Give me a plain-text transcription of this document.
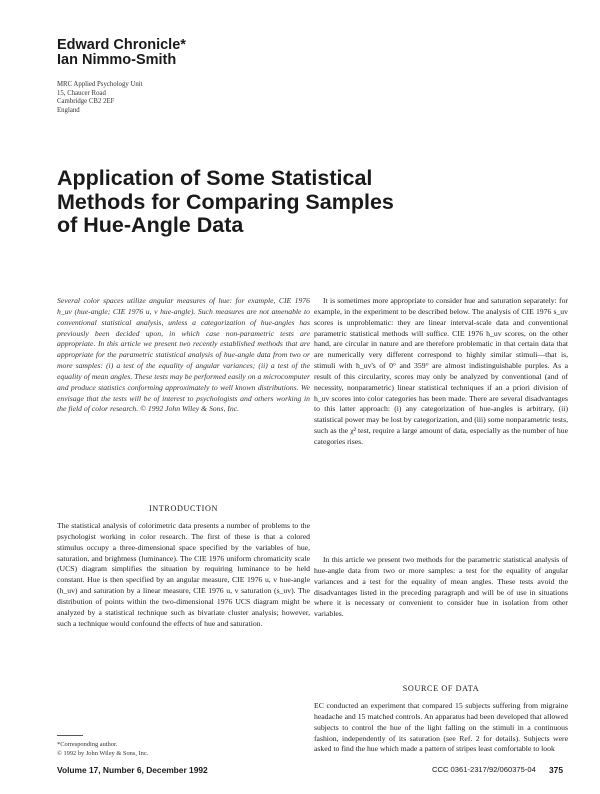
Edward Chronicle*
Ian Nimmo-Smith
MRC Applied Psychology Unit
15, Chaucer Road
Cambridge CB2 2EF
England
Application of Some Statistical
Methods for Comparing Samples
of Hue-Angle Data

Several color spaces utilize angular measures of hue: for example, CIE 1976 h_uv (hue-angle; CIE 1976 u, v hue-angle). Such measures are not amenable to conventional statistical analysis, unless a categorization of hue-angles has previously been decided upon, in which case non-parametric tests are appropriate. In this article we present two recently established methods that are appropriate for the parametric statistical analysis of hue-angle data from two or more samples: (i) a test of the equality of angular variances; (ii) a test of the equality of mean angles. These tests may be performed easily on a microcomputer and produce statistics conforming approximately to well known distributions. We envisage that the tests will be of interest to psychologists and others working in the field of color research. © 1992 John Wiley & Sons, Inc.

INTRODUCTION

The statistical analysis of colorimetric data presents a number of problems to the psychologist working in color research. The first of these is that a colored stimulus occupy a three-dimensional space specified by the variables of hue, saturation, and brightness (luminance). The CIE 1976 uniform chromaticity scale (UCS) diagram simplifies the situation by requiring luminance to be held constant. Hue is then specified by an angular measure, CIE 1976 u, v hue-angle (h_uv) and saturation by a linear measure, CIE 1976 u, v saturation (s_uv). The distribution of points within the two-dimensional 1976 UCS diagram might be analyzed by a statistical technique such as bivariate cluster analysis; however, such a technique would confound the effects of hue and saturation.

It is sometimes more appropriate to consider hue and saturation separately: for example, in the experiment to be described below. The analysis of CIE 1976 s_uv scores is unproblematic: they are linear interval-scale data and conventional parametric statistical methods will suffice. CIE 1976 h_uv scores, on the other hand, are circular in nature and are therefore problematic in that certain data that are numerically very different correspond to highly similar stimuli—that is, stimuli with h_uv's of 0° and 359° are almost indistinguishable purples. As a result of this circularity, scores may only be analyzed by conventional (and of necessity, nonparametric) linear statistical techniques if an a priori division of h_uv scores into color categories has been made. There are several disadvantages to this latter approach: (i) any categorization of hue-angles is arbitrary, (ii) statistical power may be lost by categorization, and (iii) some nonparametric tests, such as the χ² test, require a large amount of data, especially as the number of hue categories rises.

In this article we present two methods for the parametric statistical analysis of hue-angle data from two or more samples: a test for the equality of angular variances and a test for the equality of mean angles. These tests avoid the disadvantages listed in the preceding paragraph and will be of use in situations where it is necessary or convenient to consider hue in isolation from other variables.

SOURCE OF DATA

EC conducted an experiment that compared 15 subjects suffering from migraine headache and 15 matched controls. An apparatus had been developed that allowed subjects to control the hue of the light falling on the stimuli in a continuous fashion, independently of its saturation (see Ref. 2 for details). Subjects were asked to find the hue which made a pattern of stripes least comfortable to look

*Corresponding author.
© 1992 by John Wiley & Sons, Inc.
Volume 17, Number 6, December 1992	CCC 0361-2317/92/060375-04 375
